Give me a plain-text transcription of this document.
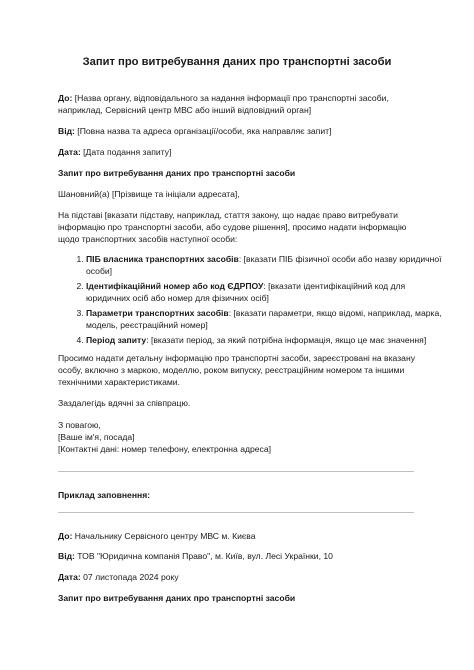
Запит про витребування даних про транспортні засоби

До: [Назва органу, відповідального за надання інформації про транспортні засоби, наприклад, Сервісний центр МВС або інший відповідний орган]

Від: [Повна назва та адреса організації/особи, яка направляє запит]

Дата: [Дата подання запиту]

Запит про витребування даних про транспортні засоби

Шановний(а) [Прізвище та ініціали адресата],

На підставі [вказати підставу, наприклад, стаття закону, що надає право витребувати інформацію про транспортні засоби, або судове рішення], просимо надати інформацію щодо транспортних засобів наступної особи:

1. ПІБ власника транспортних засобів: [вказати ПІБ фізичної особи або назву юридичної особи]
2. Ідентифікаційний номер або код ЄДРПОУ: [вказати ідентифікаційний код для юридичних осіб або номер для фізичних осіб]
3. Параметри транспортних засобів: [вказати параметри, якщо відомі, наприклад, марка, модель, реєстраційний номер]
4. Період запиту: [вказати період, за який потрібна інформація, якщо це має значення]

Просимо надати детальну інформацію про транспортні засоби, зареєстровані на вказану особу, включно з маркою, моделлю, роком випуску, реєстраційним номером та іншими технічними характеристиками.

Заздалегідь вдячні за співпрацю.

З повагою,

[Ваше ім'я, посада]

[Контактні дані: номер телефону, електронна адреса]

Приклад заповнення:

До: Начальнику Сервісного центру МВС м. Києва

Від: ТОВ "Юридична компанія Право", м. Київ, вул. Лесі Українки, 10

Дата: 07 листопада 2024 року

Запит про витребування даних про транспортні засоби
